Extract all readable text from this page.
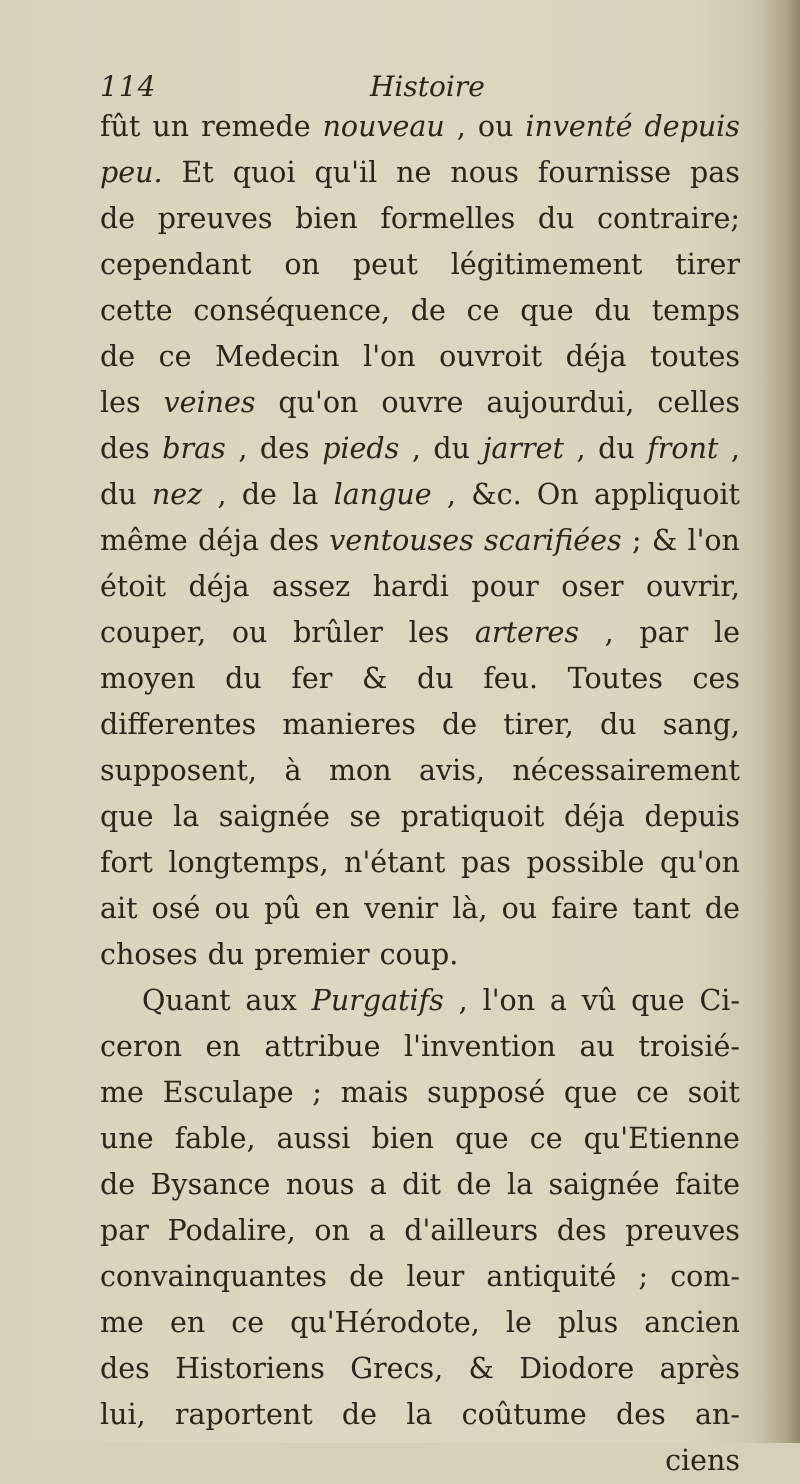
114	Histoire
fût un remede nouveau , ou inventé depuis
peu. Et quoi qu'il ne nous fournisse pas
de preuves bien formelles du contraire;
cependant on peut légitimement tirer
cette conséquence, de ce que du temps
de ce Medecin l'on ouvroit déja toutes
les veines qu'on ouvre aujourdui, celles
des bras , des pieds , du jarret , du front ,
du nez , de la langue , &c. On appliquoit
même déja des ventouses scarifiées ; & l'on
étoit déja assez hardi pour oser ouvrir,
couper, ou brûler les arteres , par le
moyen du fer & du feu. Toutes ces
differentes manieres de tirer, du sang,
supposent, à mon avis, nécessairement
que la saignée se pratiquoit déja depuis
fort longtemps, n'étant pas possible qu'on
ait osé ou pû en venir là, ou faire tant de
choses du premier coup.
Quant aux Purgatifs , l'on a vû que Ci-
ceron en attribue l'invention au troisié-
me Esculape ; mais supposé que ce soit
une fable, aussi bien que ce qu'Etienne
de Bysance nous a dit de la saignée faite
par Podalire, on a d'ailleurs des preuves
convainquantes de leur antiquité ; com-
me en ce qu'Hérodote, le plus ancien
des Historiens Grecs, & Diodore après
lui, raportent de la coûtume des an-
ciens
